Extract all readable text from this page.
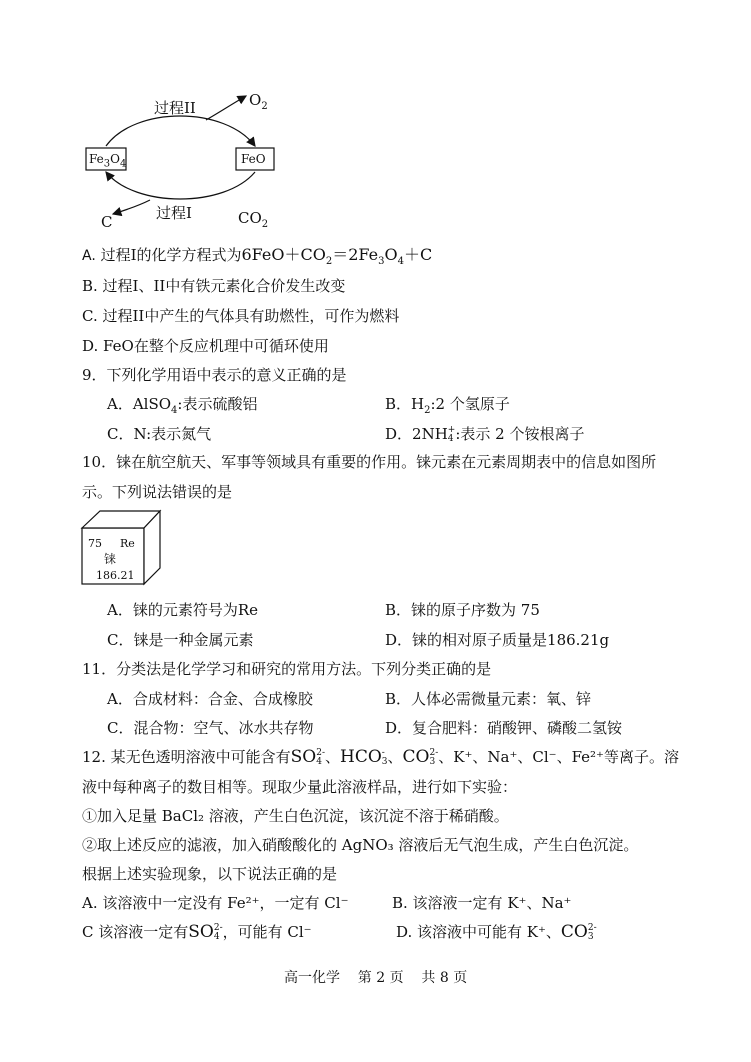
过程II	$O_2$
$Fe_3O_4$	FeO
过程I
C	$CO_2$
A. 过程I的化学方程式为$6FeO+CO_2=2Fe_3O_4+C$
B. 过程I、II中有铁元素化合价发生改变
C. 过程II中产生的气体具有助燃性，可作为燃料
D. FeO在整个反应机理中可循环使用
9．下列化学用语中表示的意义正确的是
A．AlSO$_4$:表示硫酸铝	B．$H_2:2$ 个氢原子
C．N:表示氮气	D．2NH +
4 :表示 2 个铵根离子
10．铼在航空航天、军事等领域具有重要的作用。铼元素在元素周期表中的信息如图所
示。下列说法错误的是
75 Re
铼
186.21
A．铼的元素符号为Re	B．铼的原子序数为 75
C．铼是一种金属元素	D．铼的相对原子质量是186.21g
11．分类法是化学学习和研究的常用方法。下列分类正确的是
A．合成材料：合金、合成橡胶	B．人体必需微量元素：氧、锌
C．混合物：空气、冰水共存物	D．复合肥料：硝酸钾、磷酸二氢铵
12. 某无色透明溶液中可能含有SO 2-
4 、HCO -
3 、CO 2-
3 、K⁺、Na⁺、Cl⁻、Fe²⁺等离子。溶
液中每种离子的数目相等。现取少量此溶液样品，进行如下实验：
①加入足量 BaCl₂ 溶液，产生白色沉淀，该沉淀不溶于稀硝酸。
②取上述反应的滤液，加入硝酸酸化的 AgNO₃ 溶液后无气泡生成，产生白色沉淀。
根据上述实验现象，以下说法正确的是
A. 该溶液中一定没有 Fe²⁺，一定有 Cl⁻	B. 该溶液一定有 K⁺、Na⁺
C 该溶液一定有SO 2-
4 ，可能有 Cl⁻	D. 该溶液中可能有 K⁺、CO 2-
3
高一化学    第 2 页    共 8 页
